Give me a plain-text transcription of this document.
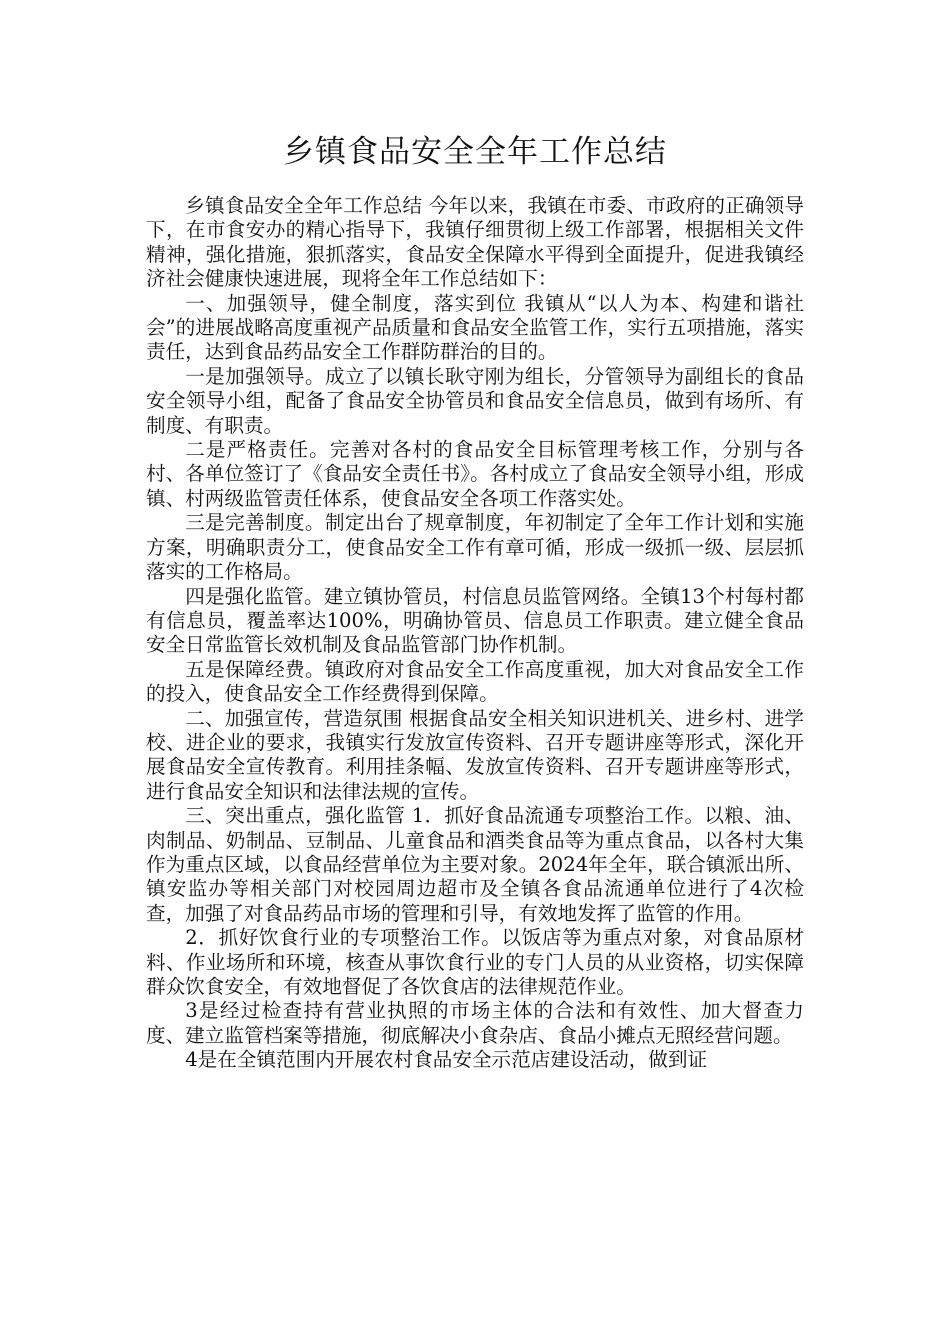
乡镇食品安全全年工作总结

乡镇食品安全全年工作总结 今年以来，我镇在市委、市政府的正确领导下，在市食安办的精心指导下，我镇仔细贯彻上级工作部署，根据相关文件精神，强化措施，狠抓落实，食品安全保障水平得到全面提升，促进我镇经济社会健康快速进展，现将全年工作总结如下：

一、加强领导，健全制度，落实到位 我镇从“以人为本、构建和谐社会”的进展战略高度重视产品质量和食品安全监管工作，实行五项措施，落实责任，达到食品药品安全工作群防群治的目的。

一是加强领导。成立了以镇长耿守刚为组长，分管领导为副组长的食品安全领导小组，配备了食品安全协管员和食品安全信息员，做到有场所、有制度、有职责。

二是严格责任。完善对各村的食品安全目标管理考核工作，分别与各村、各单位签订了《食品安全责任书》。各村成立了食品安全领导小组，形成镇、村两级监管责任体系，使食品安全各项工作落实处。

三是完善制度。制定出台了规章制度，年初制定了全年工作计划和实施方案，明确职责分工，使食品安全工作有章可循，形成一级抓一级、层层抓落实的工作格局。

四是强化监管。建立镇协管员，村信息员监管网络。全镇13个村每村都有信息员，覆盖率达100%，明确协管员、信息员工作职责。建立健全食品安全日常监管长效机制及食品监管部门协作机制。

五是保障经费。镇政府对食品安全工作高度重视，加大对食品安全工作的投入，使食品安全工作经费得到保障。

二、加强宣传，营造氛围 根据食品安全相关知识进机关、进乡村、进学校、进企业的要求，我镇实行发放宣传资料、召开专题讲座等形式，深化开展食品安全宣传教育。利用挂条幅、发放宣传资料、召开专题讲座等形式，进行食品安全知识和法律法规的宣传。

三、突出重点，强化监管 1．抓好食品流通专项整治工作。以粮、油、肉制品、奶制品、豆制品、儿童食品和酒类食品等为重点食品，以各村大集作为重点区域，以食品经营单位为主要对象。2024年全年，联合镇派出所、镇安监办等相关部门对校园周边超市及全镇各食品流通单位进行了4次检查，加强了对食品药品市场的管理和引导，有效地发挥了监管的作用。

2．抓好饮食行业的专项整治工作。以饭店等为重点对象，对食品原材料、作业场所和环境，核查从事饮食行业的专门人员的从业资格，切实保障群众饮食安全，有效地督促了各饮食店的法律规范作业。

3是经过检查持有营业执照的市场主体的合法和有效性、加大督查力度、建立监管档案等措施，彻底解决小食杂店、食品小摊点无照经营问题。

4是在全镇范围内开展农村食品安全示范店建设活动，做到证
